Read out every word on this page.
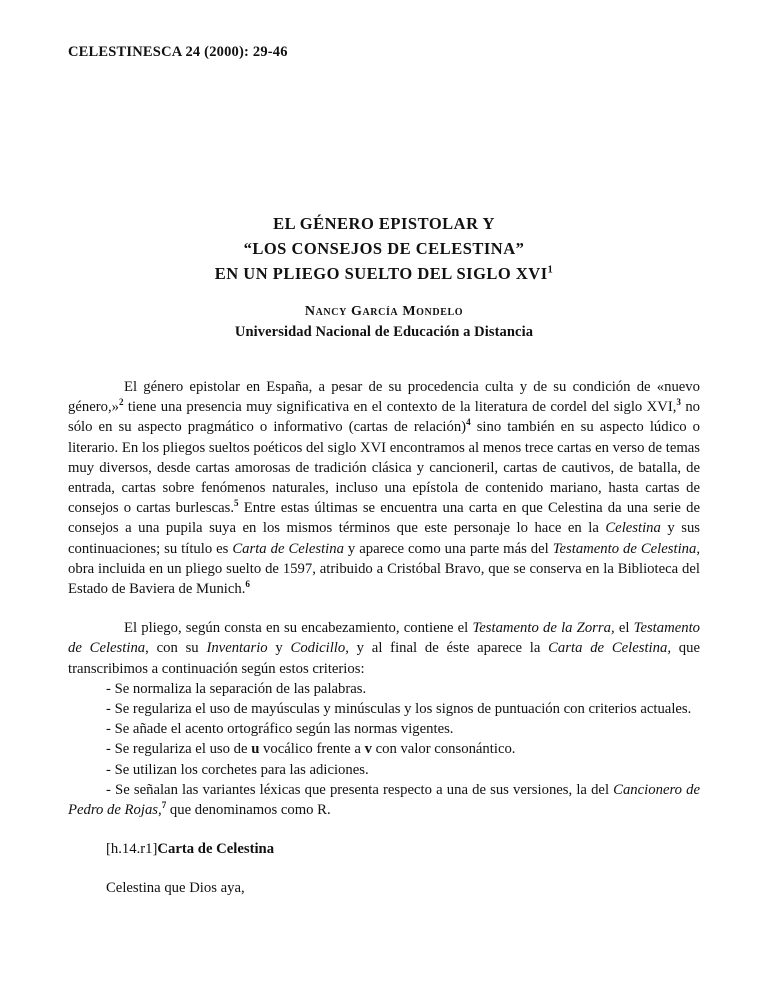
CELESTINESCA 24 (2000): 29-46
EL GÉNERO EPISTOLAR Y
“LOS CONSEJOS DE CELESTINA”
EN UN PLIEGO SUELTO DEL SIGLO XVI$^1$
Nancy García Mondelo
Universidad Nacional de Educación a Distancia

El género epistolar en España, a pesar de su procedencia culta y de su condición de «nuevo género,»$^2$ tiene una presencia muy significativa en el contexto de la literatura de cordel del siglo XVI,$^3$ no sólo en su aspecto pragmático o informativo (cartas de relación)$^4$ sino también en su aspecto lúdico o literario. En los pliegos sueltos poéticos del siglo XVI encontramos al menos trece cartas en verso de temas muy diversos, desde cartas amorosas de tradición clásica y cancioneril, cartas de cautivos, de batalla, de entrada, cartas sobre fenómenos naturales, incluso una epístola de contenido mariano, hasta cartas de consejos o cartas burlescas.$^5$ Entre estas últimas se encuentra una carta en que Celestina da una serie de consejos a una pupila suya en los mismos términos que este personaje lo hace en la Celestina y sus continuaciones; su título es Carta de Celestina y aparece como una parte más del Testamento de Celestina, obra incluida en un pliego suelto de 1597, atribuido a Cristóbal Bravo, que se conserva en la Biblioteca del Estado de Baviera de Munich.$^6$

El pliego, según consta en su encabezamiento, contiene el Testamento de la Zorra, el Testamento de Celestina, con su Inventario y Codicillo, y al final de éste aparece la Carta de Celestina, que transcribimos a continuación según estos criterios:

- Se normaliza la separación de las palabras.

- Se regulariza el uso de mayúsculas y minúsculas y los signos de puntuación con criterios actuales.

- Se añade el acento ortográfico según las normas vigentes.

- Se regulariza el uso de u vocálico frente a v con valor consonántico.

- Se utilizan los corchetes para las adiciones.

- Se señalan las variantes léxicas que presenta respecto a una de sus versiones, la del Cancionero de Pedro de Rojas,$^7$ que denominamos como R.

[h.14.r1]Carta de Celestina

Celestina que Dios aya,
